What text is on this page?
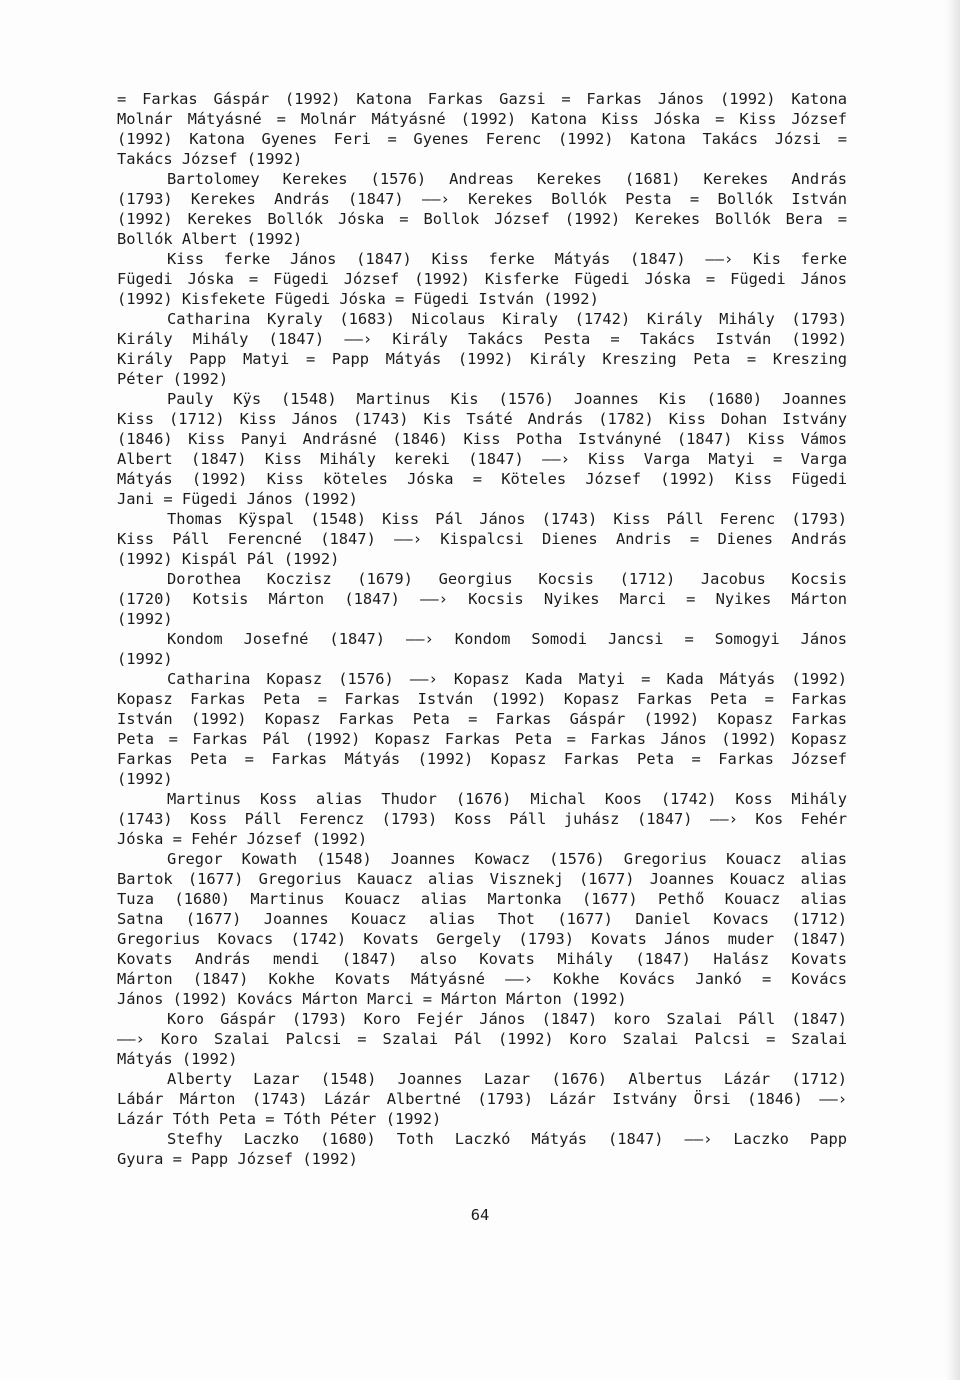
= Farkas Gáspár (1992) Katona Farkas Gazsi = Farkas János (1992) Katona
Molnár Mátyásné = Molnár Mátyásné (1992) Katona Kiss Jóska = Kiss József
(1992) Katona Gyenes Feri = Gyenes Ferenc (1992) Katona Takács Józsi =
Takács József (1992)
Bartolomey Kerekes (1576) Andreas Kerekes (1681) Kerekes András
(1793) Kerekes András (1847) ——› Kerekes Bollók Pesta = Bollók István
(1992) Kerekes Bollók Jóska = Bollok József (1992) Kerekes Bollók Bera =
Bollók Albert (1992)
Kiss ferke János (1847) Kiss ferke Mátyás (1847) ——› Kis ferke
Fügedi Jóska = Fügedi József (1992) Kisferke Fügedi Jóska = Fügedi János
(1992) Kisfekete Fügedi Jóska = Fügedi István (1992)
Catharina Kyraly (1683) Nicolaus Kiraly (1742) Király Mihály (1793)
Király Mihály (1847) ——› Király Takács Pesta = Takács István (1992)
Király Papp Matyi = Papp Mátyás (1992) Király Kreszing Peta = Kreszing
Péter (1992)
Pauly Kÿs (1548) Martinus Kis (1576) Joannes Kis (1680) Joannes
Kiss (1712) Kiss János (1743) Kis Tsáté András (1782) Kiss Dohan Istvány
(1846) Kiss Panyi Andrásné (1846) Kiss Potha Istványné (1847) Kiss Vámos
Albert (1847) Kiss Mihály kereki (1847) ——› Kiss Varga Matyi = Varga
Mátyás (1992) Kiss köteles Jóska = Köteles József (1992) Kiss Fügedi
Jani = Fügedi János (1992)
Thomas Kÿspal (1548) Kiss Pál János (1743) Kiss Páll Ferenc (1793)
Kiss Páll Ferencné (1847) ——› Kispalcsi Dienes Andris = Dienes András
(1992) Kispál Pál (1992)
Dorothea Koczisz (1679) Georgius Kocsis (1712) Jacobus Kocsis
(1720) Kotsis Márton (1847) ——› Kocsis Nyikes Marci = Nyikes Márton
(1992)
Kondom Josefné (1847) ——› Kondom Somodi Jancsi = Somogyi János
(1992)
Catharina Kopasz (1576) ——› Kopasz Kada Matyi = Kada Mátyás (1992)
Kopasz Farkas Peta = Farkas István (1992) Kopasz Farkas Peta = Farkas
István (1992) Kopasz Farkas Peta = Farkas Gáspár (1992) Kopasz Farkas
Peta = Farkas Pál (1992) Kopasz Farkas Peta = Farkas János (1992) Kopasz
Farkas Peta = Farkas Mátyás (1992) Kopasz Farkas Peta = Farkas József
(1992)
Martinus Koss alias Thudor (1676) Michal Koos (1742) Koss Mihály
(1743) Koss Páll Ferencz (1793) Koss Páll juhász (1847) ——› Kos Fehér
Jóska = Fehér József (1992)
Gregor Kowath (1548) Joannes Kowacz (1576) Gregorius Kouacz alias
Bartok (1677) Gregorius Kauacz alias Visznekj (1677) Joannes Kouacz alias
Tuza (1680) Martinus Kouacz alias Martonka (1677) Pethő Kouacz alias
Satna (1677) Joannes Kouacz alias Thot (1677) Daniel Kovacs (1712)
Gregorius Kovacs (1742) Kovats Gergely (1793) Kovats János muder (1847)
Kovats András mendi (1847) also Kovats Mihály (1847) Halász Kovats
Márton (1847) Kokhe Kovats Mátyásné ——› Kokhe Kovács Jankó = Kovács
János (1992) Kovács Márton Marci = Márton Márton (1992)
Koro Gáspár (1793) Koro Fejér János (1847) koro Szalai Páll (1847)
——› Koro Szalai Palcsi = Szalai Pál (1992) Koro Szalai Palcsi = Szalai
Mátyás (1992)
Alberty Lazar (1548) Joannes Lazar (1676) Albertus Lázár (1712)
Lábár Márton (1743) Lázár Albertné (1793) Lázár Istvány Örsi (1846) ——›
Lázár Tóth Peta = Tóth Péter (1992)
Stefhy Laczko (1680) Toth Laczkó Mátyás (1847) ——› Laczko Papp
Gyura = Papp József (1992)
64
